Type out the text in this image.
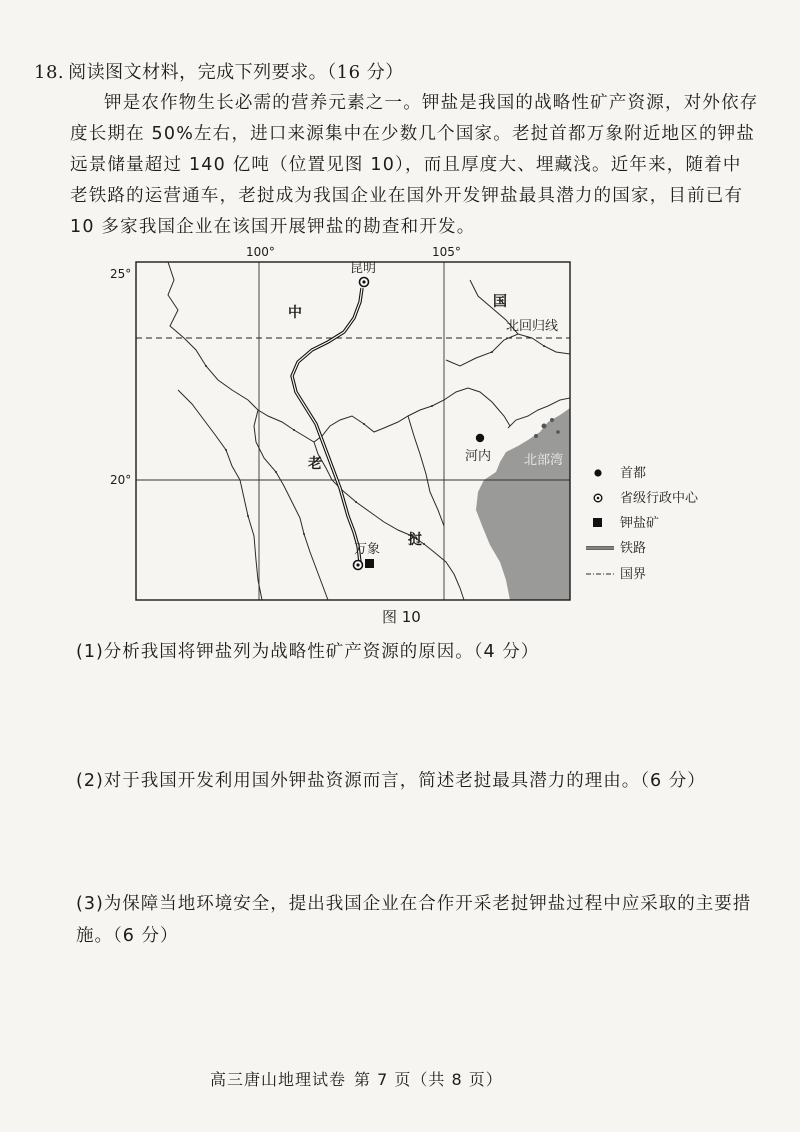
18. 阅读图文材料，完成下列要求。（16 分）

钾是农作物生长必需的营养元素之一。钾盐是我国的战略性矿产资源，对外依存度长期在 50%左右，进口来源集中在少数几个国家。老挝首都万象附近地区的钾盐远景储量超过 140 亿吨（位置见图 10），而且厚度大、埋藏浅。近年来，随着中老铁路的运营通车，老挝成为我国企业在国外开发钾盐最具潜力的国家，目前已有 10 多家我国企业在该国开展钾盐的勘查和开发。

昆明
河内
万象
中
国
老
挝
北回归线
北部湾
100°	105°
25°
20°	首都
省级行政中心
钾盐矿
铁路
国界
图 10
(1)分析我国将钾盐列为战略性矿产资源的原因。（4 分）
(2)对于我国开发利用国外钾盐资源而言，简述老挝最具潜力的理由。（6 分）
(3)为保障当地环境安全，提出我国企业在合作开采老挝钾盐过程中应采取的主要措施。（6 分）
高三唐山地理试卷 第 7 页（共 8 页）
